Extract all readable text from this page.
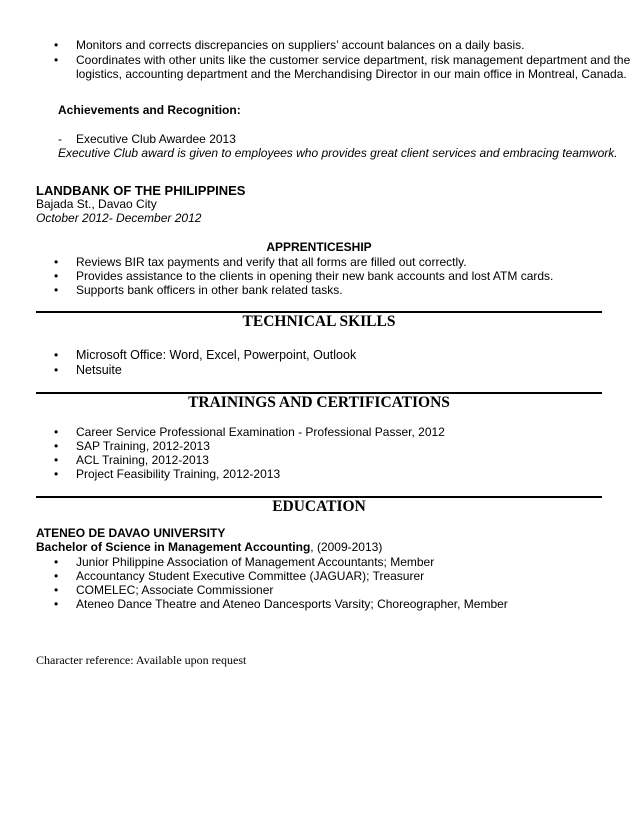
•
Monitors and corrects discrepancies on suppliers’ account balances on a daily basis.
•
Coordinates with other units like the customer service department, risk management department and the
logistics, accounting department and the Merchandising Director in our main office in Montreal, Canada.
Achievements and Recognition:
- Executive Club Awardee 2013
Executive Club award is given to employees who provides great client services and embracing teamwork.
LANDBANK OF THE PHILIPPINES
Bajada St., Davao City
October 2012- December 2012
APPRENTICESHIP
•
Reviews BIR tax payments and verify that all forms are filled out correctly.
•
Provides assistance to the clients in opening their new bank accounts and lost ATM cards.
•
Supports bank officers in other bank related tasks.
TECHNICAL SKILLS
•
Microsoft Office: Word, Excel, Powerpoint, Outlook
•
Netsuite
TRAININGS AND CERTIFICATIONS
•
Career Service Professional Examination - Professional Passer, 2012
•
SAP Training, 2012-2013
•
ACL Training, 2012-2013
•
Project Feasibility Training, 2012-2013
EDUCATION
ATENEO DE DAVAO UNIVERSITY
Bachelor of Science in Management Accounting, (2009-2013)
•
Junior Philippine Association of Management Accountants; Member
•
Accountancy Student Executive Committee (JAGUAR); Treasurer
•
COMELEC; Associate Commissioner
•
Ateneo Dance Theatre and Ateneo Dancesports Varsity; Choreographer, Member
Character reference: Available upon request
